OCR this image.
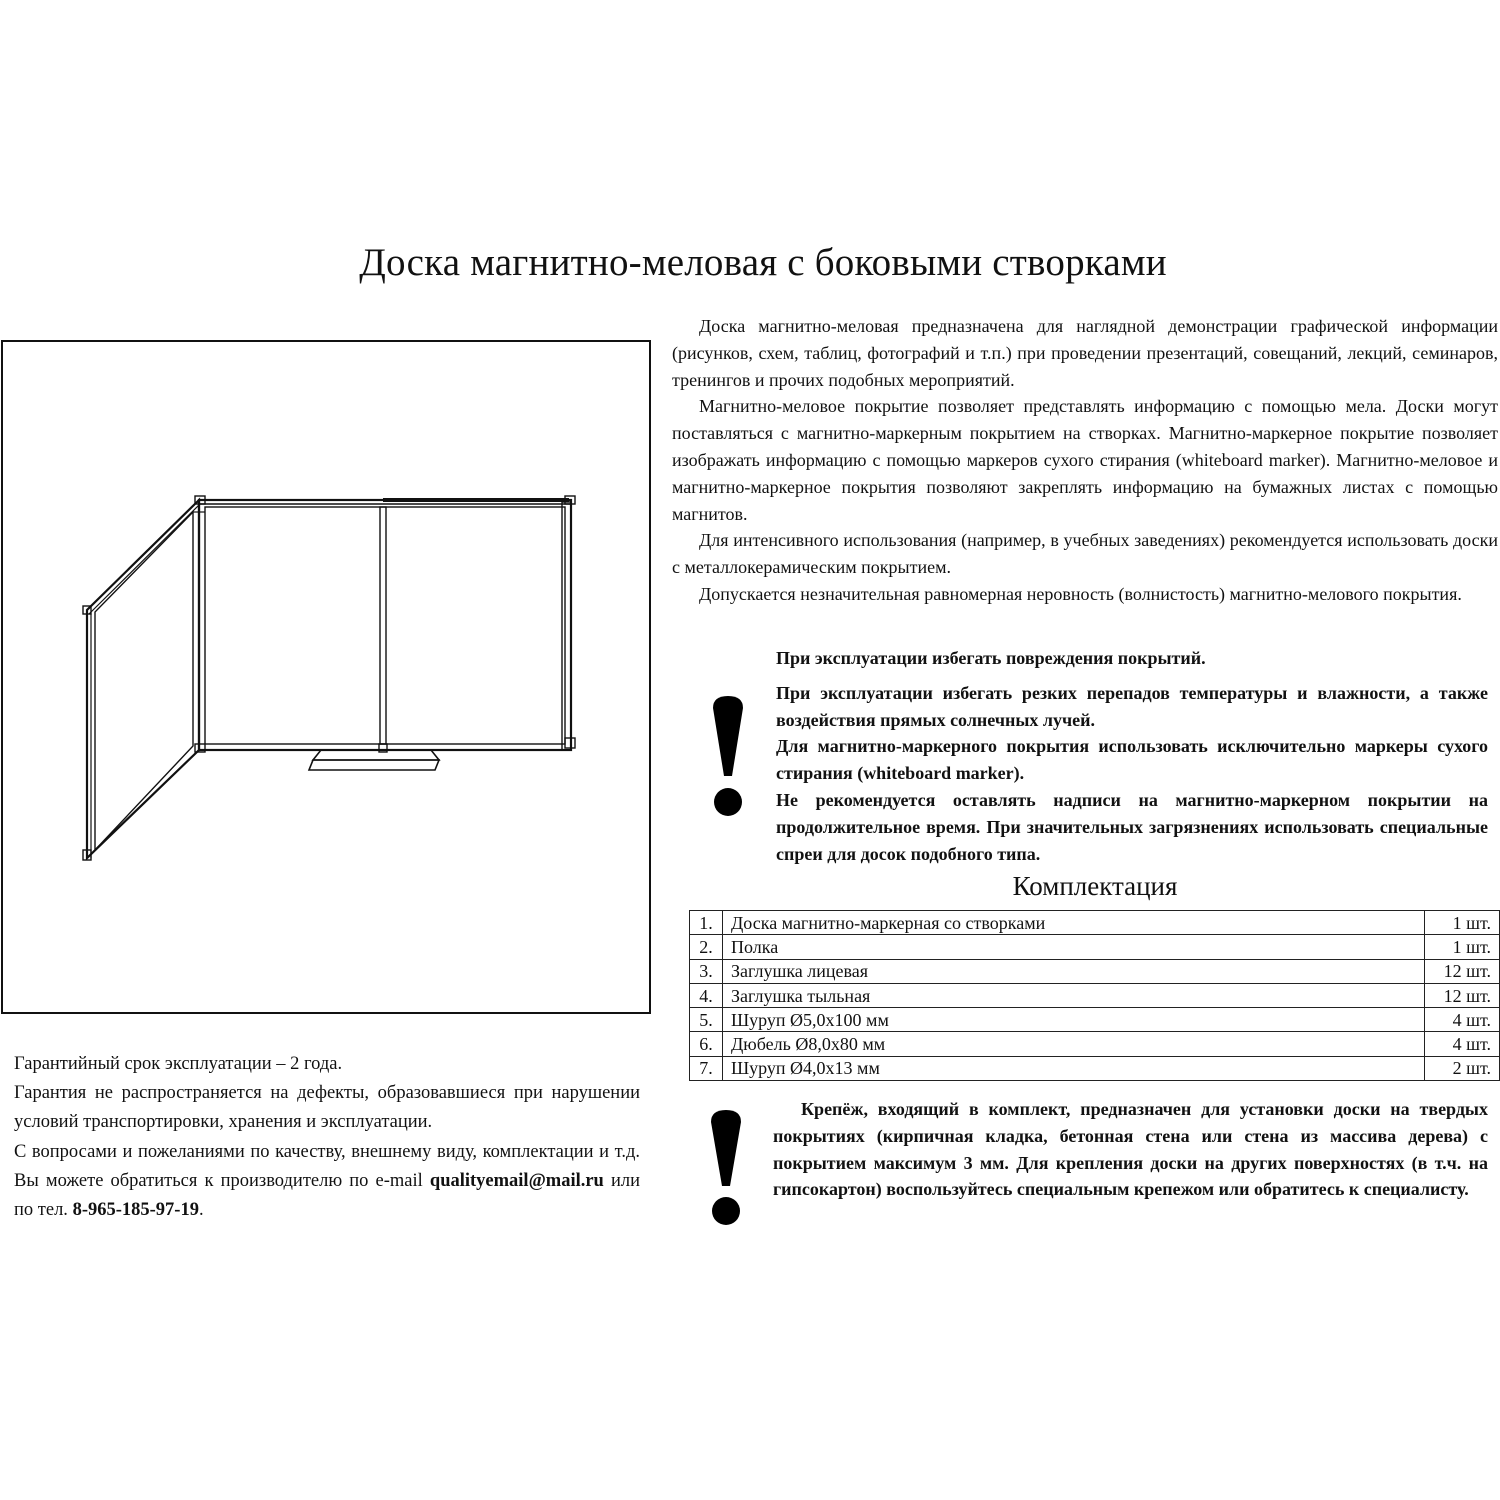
Доска магнитно-меловая с боковыми створками

Доска магнитно-меловая предназначена для наглядной демонстрации графической информации (рисунков, схем, таблиц, фотографий и т.п.) при проведении презентаций, совещаний, лекций, семинаров, тренингов и прочих подобных мероприятий.

Магнитно-меловое покрытие позволяет представлять информацию с помощью мела. Доски могут поставляться с магнитно-маркерным покрытием на створках. Магнитно-маркерное покрытие позволяет изображать информацию с помощью маркеров сухого стирания (whiteboard marker). Магнитно-меловое и магнитно-маркерное покрытия позволяют закреплять информацию на бумажных листах с помощью магнитов.

Для интенсивного использования (например, в учебных заведениях) рекомендуется использовать доски с металлокерамическим покрытием.

Допускается незначительная равномерная неровность (волнистость) магнитно-мелового покрытия.

При эксплуатации избегать повреждения покрытий.

При эксплуатации избегать резких перепадов температуры и влажности, а также воздействия прямых солнечных лучей.

Для магнитно-маркерного покрытия использовать исключительно маркеры сухого стирания (whiteboard marker).

Не рекомендуется оставлять надписи на магнитно-маркерном покрытии на продолжительное время. При значительных загрязнениях использовать специальные спреи для досок подобного типа.

Комплектация
1.	Доска магнитно-маркерная со створками	1 шт.
2.	Полка	1 шт.
3.	Заглушка лицевая	12 шт.
4.	Заглушка тыльная	12 шт.
5.	Шуруп Ø5,0x100 мм	4 шт.
6.	Дюбель Ø8,0x80 мм	4 шт.
7.	Шуруп Ø4,0x13 мм	2 шт.

Крепёж, входящий в комплект, предназначен для установки доски на твердых покрытиях (кирпичная кладка, бетонная стена или стена из массива дерева) с покрытием максимум 3 мм. Для крепления доски на других поверхностях (в т.ч. на гипсокартон) воспользуйтесь специальным крепежом или обратитесь к специалисту.

Гарантийный срок эксплуатации – 2 года.

Гарантия не распространяется на дефекты, образовавшиеся при нарушении условий транспортировки, хранения и эксплуатации.

С вопросами и пожеланиями по качеству, внешнему виду, комплектации и т.д. Вы можете обратиться к производителю по e-mail qualityemail@mail.ru или по тел. 8-965-185-97-19.
